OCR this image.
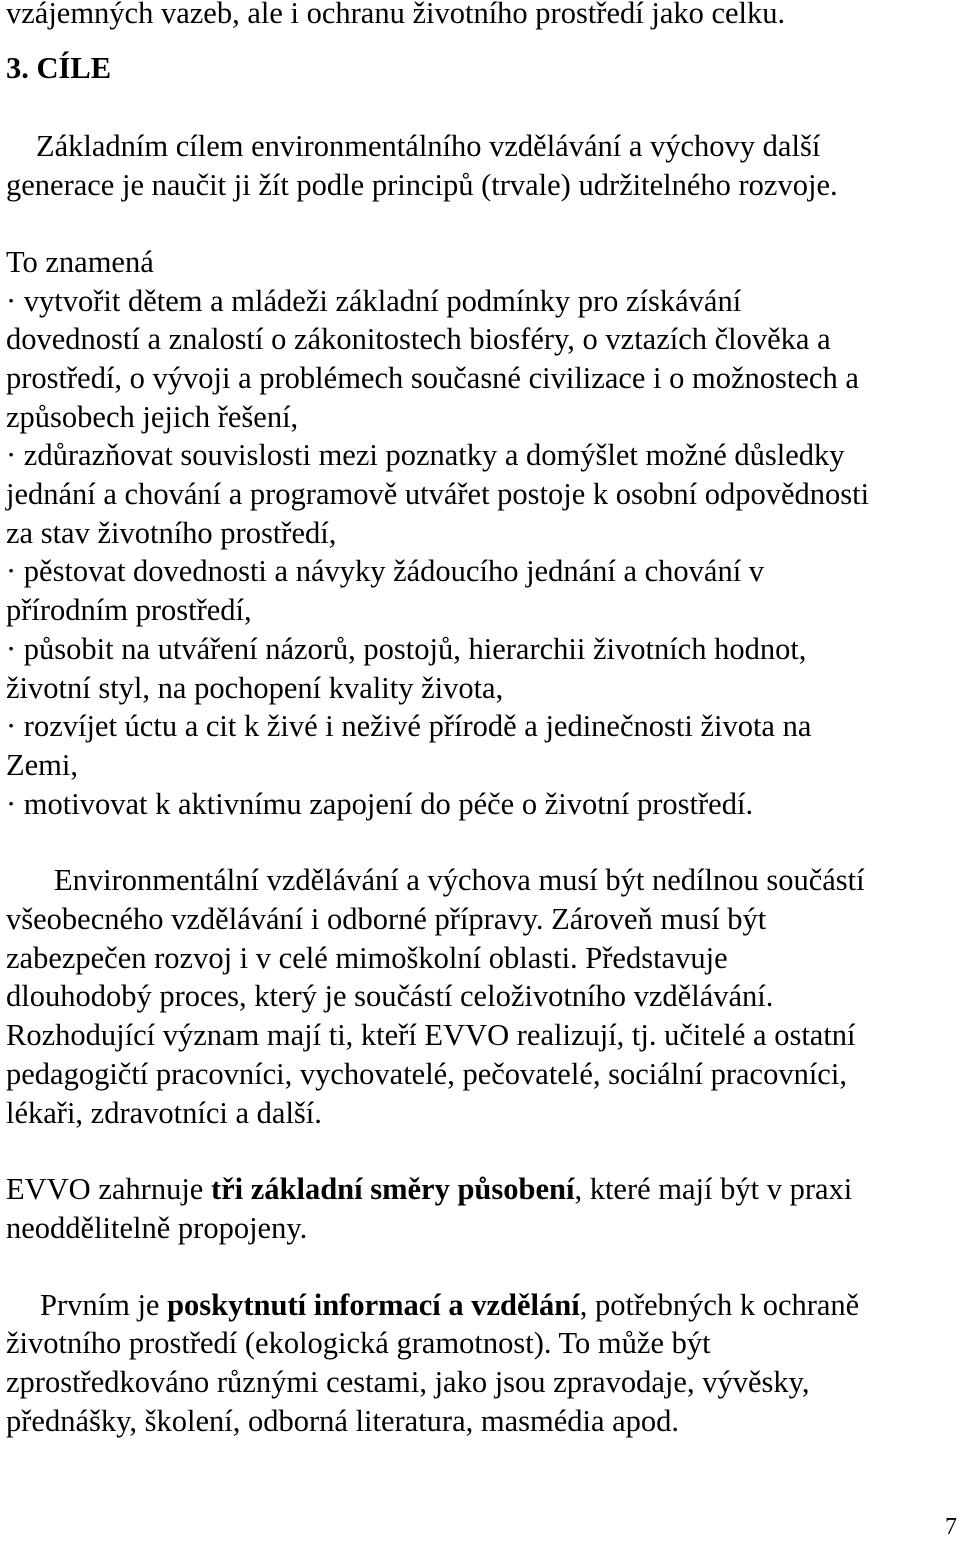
vzájemných vazeb, ale i ochranu životního prostředí jako celku.
3. CÍLE
Základním cílem environmentálního vzdělávání a výchovy další
generace je naučit ji žít podle principů (trvale) udržitelného rozvoje.
To znamená
· vytvořit dětem a mládeži základní podmínky pro získávání
dovedností a znalostí o zákonitostech biosféry, o vztazích člověka a
prostředí, o vývoji a problémech současné civilizace i o možnostech a
způsobech jejich řešení,
· zdůrazňovat souvislosti mezi poznatky a domýšlet možné důsledky
jednání a chování a programově utvářet postoje k osobní odpovědnosti
za stav životního prostředí,
· pěstovat dovednosti a návyky žádoucího jednání a chování v
přírodním prostředí,
· působit na utváření názorů, postojů, hierarchii životních hodnot,
životní styl, na pochopení kvality života,
· rozvíjet úctu a cit k živé i neživé přírodě a jedinečnosti života na
Zemi,
· motivovat k aktivnímu zapojení do péče o životní prostředí.
Environmentální vzdělávání a výchova musí být nedílnou součástí
všeobecného vzdělávání i odborné přípravy. Zároveň musí být
zabezpečen rozvoj i v celé mimoškolní oblasti. Představuje
dlouhodobý proces, který je součástí celoživotního vzdělávání.
Rozhodující význam mají ti, kteří EVVO realizují, tj. učitelé a ostatní
pedagogičtí pracovníci, vychovatelé, pečovatelé, sociální pracovníci,
lékaři, zdravotníci a další.
EVVO zahrnuje tři základní směry působení, které mají být v praxi
neoddělitelně propojeny.
Prvním je poskytnutí informací a vzdělání, potřebných k ochraně
životního prostředí (ekologická gramotnost). To může být
zprostředkováno různými cestami, jako jsou zpravodaje, vývěsky,
přednášky, školení, odborná literatura, masmédia apod.
7
